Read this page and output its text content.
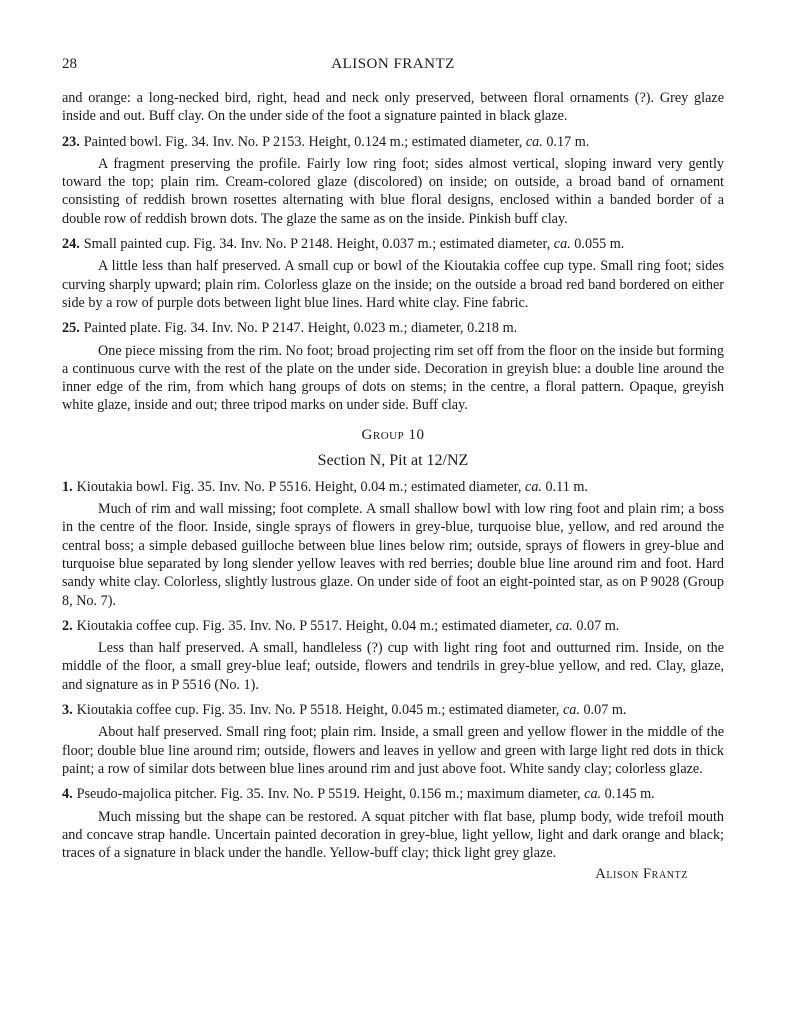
28	ALISON FRANTZ

and orange: a long-necked bird, right, head and neck only preserved, between floral ornaments (?). Grey glaze inside and out. Buff clay. On the under side of the foot a signature painted in black glaze.

23. Painted bowl. Fig. 34. Inv. No. P 2153. Height, 0.124 m.; estimated diameter, ca. 0.17 m.

A fragment preserving the profile. Fairly low ring foot; sides almost vertical, sloping inward very gently toward the top; plain rim. Cream-colored glaze (discolored) on inside; on outside, a broad band of ornament consisting of reddish brown rosettes alternating with blue floral designs, enclosed within a banded border of a double row of reddish brown dots. The glaze the same as on the inside. Pinkish buff clay.

24. Small painted cup. Fig. 34. Inv. No. P 2148. Height, 0.037 m.; estimated diameter, ca. 0.055 m.

A little less than half preserved. A small cup or bowl of the Kioutakia coffee cup type. Small ring foot; sides curving sharply upward; plain rim. Colorless glaze on the inside; on the outside a broad red band bordered on either side by a row of purple dots between light blue lines. Hard white clay. Fine fabric.

25. Painted plate. Fig. 34. Inv. No. P 2147. Height, 0.023 m.; diameter, 0.218 m.

One piece missing from the rim. No foot; broad projecting rim set off from the floor on the inside but forming a continuous curve with the rest of the plate on the under side. Decoration in greyish blue: a double line around the inner edge of the rim, from which hang groups of dots on stems; in the centre, a floral pattern. Opaque, greyish white glaze, inside and out; three tripod marks on under side. Buff clay.

Group 10
Section N, Pit at 12/NZ

1. Kioutakia bowl. Fig. 35. Inv. No. P 5516. Height, 0.04 m.; estimated diameter, ca. 0.11 m.

Much of rim and wall missing; foot complete. A small shallow bowl with low ring foot and plain rim; a boss in the centre of the floor. Inside, single sprays of flowers in grey-blue, turquoise blue, yellow, and red around the central boss; a simple debased guilloche between blue lines below rim; outside, sprays of flowers in grey-blue and turquoise blue separated by long slender yellow leaves with red berries; double blue line around rim and foot. Hard sandy white clay. Colorless, slightly lustrous glaze. On under side of foot an eight-pointed star, as on P 9028 (Group 8, No. 7).

2. Kioutakia coffee cup. Fig. 35. Inv. No. P 5517. Height, 0.04 m.; estimated diameter, ca. 0.07 m.

Less than half preserved. A small, handleless (?) cup with light ring foot and outturned rim. Inside, on the middle of the floor, a small grey-blue leaf; outside, flowers and tendrils in grey-blue yellow, and red. Clay, glaze, and signature as in P 5516 (No. 1).

3. Kioutakia coffee cup. Fig. 35. Inv. No. P 5518. Height, 0.045 m.; estimated diameter, ca. 0.07 m.

About half preserved. Small ring foot; plain rim. Inside, a small green and yellow flower in the middle of the floor; double blue line around rim; outside, flowers and leaves in yellow and green with large light red dots in thick paint; a row of similar dots between blue lines around rim and just above foot. White sandy clay; colorless glaze.

4. Pseudo-majolica pitcher. Fig. 35. Inv. No. P 5519. Height, 0.156 m.; maximum diameter, ca. 0.145 m.

Much missing but the shape can be restored. A squat pitcher with flat base, plump body, wide trefoil mouth and concave strap handle. Uncertain painted decoration in grey-blue, light yellow, light and dark orange and black; traces of a signature in black under the handle. Yellow-buff clay; thick light grey glaze.

Alison Frantz
